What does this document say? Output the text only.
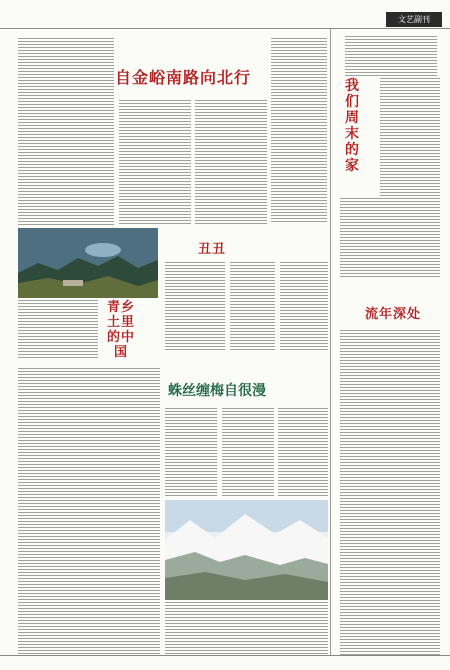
文艺副刊
自金峪南路向北行	我们周末的家
丑丑
青乡土里的中国
蛛丝缠梅自很漫
流年深处
